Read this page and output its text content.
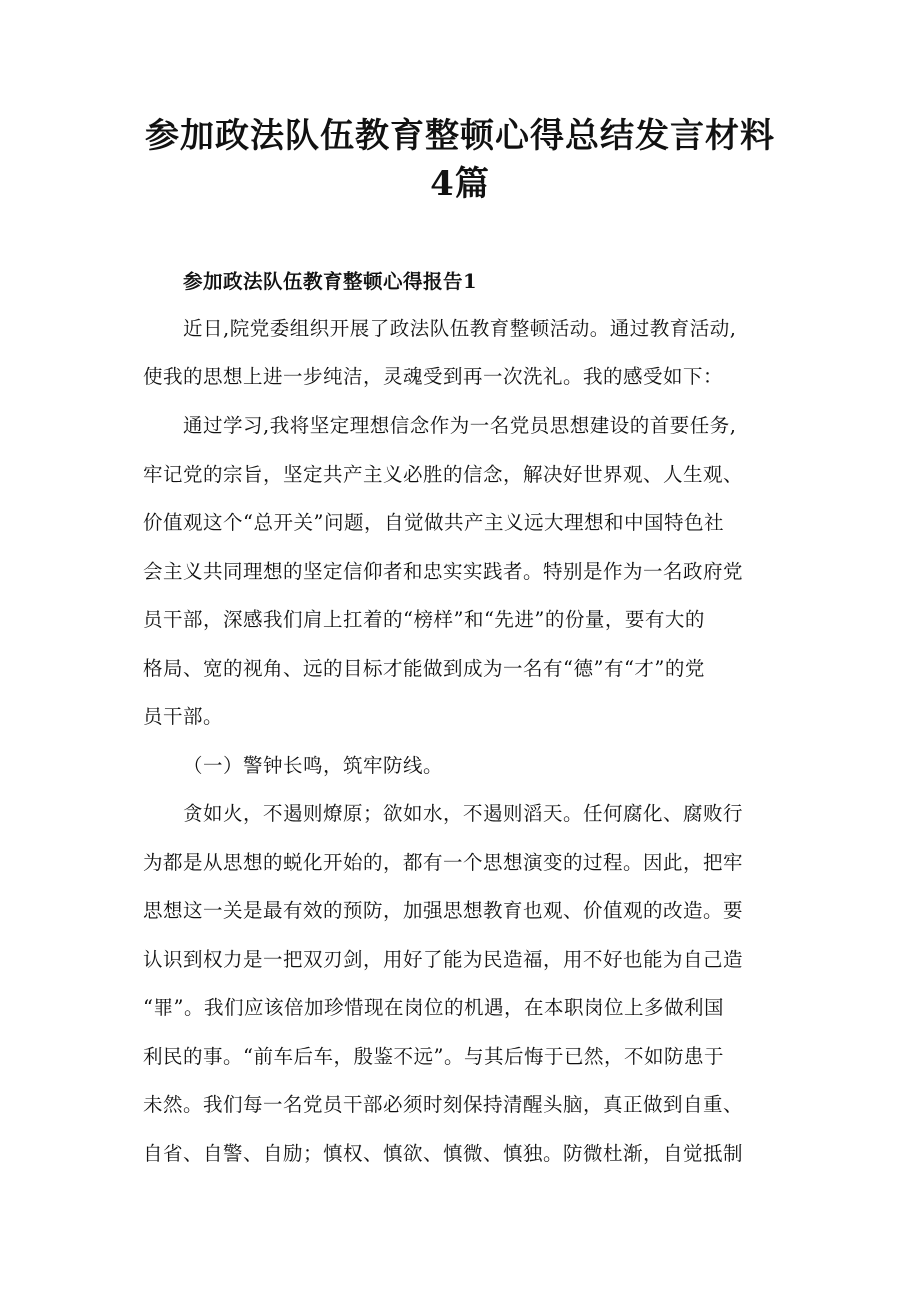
参加政法队伍教育整顿心得总结发言材料
4篇

参加政法队伍教育整顿心得报告1

近日,院党委组织开展了政法队伍教育整顿活动。通过教育活动,

使我的思想上进一步纯洁，灵魂受到再一次洗礼。我的感受如下：

通过学习,我将坚定理想信念作为一名党员思想建设的首要任务,

牢记党的宗旨，坚定共产主义必胜的信念，解决好世界观、人生观、

价值观这个“总开关”问题，自觉做共产主义远大理想和中国特色社

会主义共同理想的坚定信仰者和忠实实践者。特别是作为一名政府党

员干部，深感我们肩上扛着的“榜样”和“先进”的份量，要有大的

格局、宽的视角、远的目标才能做到成为一名有“德”有“才”的党

员干部。

（一）警钟长鸣，筑牢防线。

贪如火，不遏则燎原；欲如水，不遏则滔天。任何腐化、腐败行

为都是从思想的蜕化开始的，都有一个思想演变的过程。因此，把牢

思想这一关是最有效的预防，加强思想教育也观、价值观的改造。要

认识到权力是一把双刃剑，用好了能为民造福，用不好也能为自己造

“罪”。我们应该倍加珍惜现在岗位的机遇，在本职岗位上多做利国

利民的事。“前车后车，殷鉴不远”。与其后悔于已然，不如防患于

未然。我们每一名党员干部必须时刻保持清醒头脑，真正做到自重、

自省、自警、自励；慎权、慎欲、慎微、慎独。防微杜渐，自觉抵制
